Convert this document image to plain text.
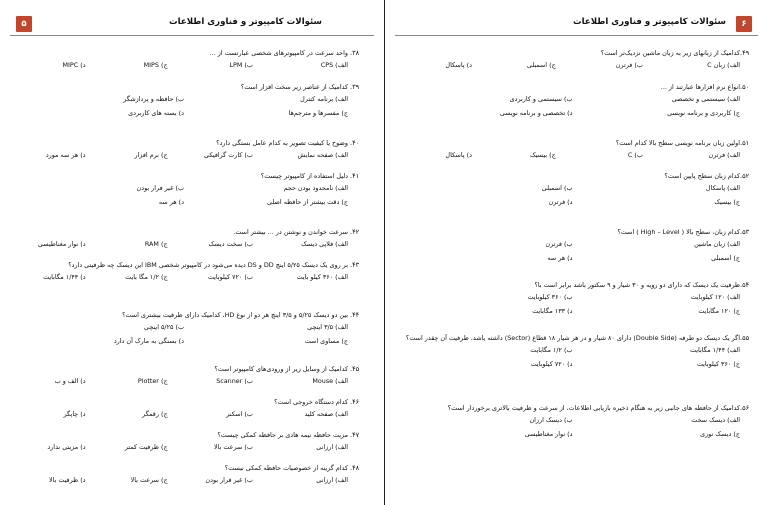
سئوالات کامپیوتر و فناوری اطلاعات
۵
۳۸.
واحد سرعت در کامپیوترهای شخصی عبارتست از ...
الف) CPS
ب) LPM
ج) MIPS
د) MIPC
۳۹.
کدامیک از عناصر زیر سخت افزار است؟
الف) برنامه کنترل
ب) حافظه و پردازشگر
ج) مفسرها و مترجم‌ها
د) بسته های کاربردی
۴۰.
وضوح یا کیفیت تصویر به کدام عامل بستگی دارد؟
الف) صفحه نمایش
ب) کارت گرافیکی
ج) نرم افزار
د) هر سه مورد
۴۱.
دلیل استفاده از کامپیوتر چیست؟
الف) نامحدود بودن حجم
ب) غیر فرار بودن
ج) دقت بیشتر از حافظه اصلی
د) هر سه
۴۲.
سرعت خواندن و نوشتن در ... بیشتر است.
الف) فلاپی دیسک
ب) سخت دیسک
ج) RAM
د) نوار مغناطیسی
۴۳.
بر روی یک دیسک ۵/۲۵ اینچ DD و DS دیده می‌شود در کامپیوتر شخصی IBM این دیسک چه ظرفیتی دارد؟
الف) ۳۶۰ کیلو بایت
ب) ۷۲۰ کیلوبایت
ج) ۱/۲ مگا بایت
د) ۱/۴۴ مگابایت
۴۴.
بین دو دیسک ۵/۲۵ و ۳/۵ اینچ هر دو از نوع HD، کدامیک دارای ظرفیت بیشتری است؟
الف) ۳/۵ اینچی
ب) ۵/۲۵ اینچی
ج) مساوی است
د) بستگی به مارک آن دارد
۴۵.
کدامیک از وسایل زیر از ورودی‌های کامپیوتر است؟
الف) Mouse
ب) Scanner
ج) Plotter
د) الف و ب
۴۶.
کدام دستگاه خروجی است؟
الف) صفحه کلید
ب) اسکنر
ج) رقمگر
د) چاپگر
۴۷.
مزیت حافظه نیمه هادی بر حافظه کمکی چیست؟
الف) ارزانی
ب) سرعت بالا
ج) ظرفیت کمتر
د) مزیتی ندارد
۴۸.
کدام گزینه از خصوصیات حافظه کمکی نیست؟
الف) ارزانی
ب) غیر فرار بودن
ج) سرعت بالا
د) ظرفیت بالا
سئوالات کامپیوتر و فناوری اطلاعات	۶
۴۹.
کدامیک از زبانهای زیر به زبان ماشین نزدیک‌تر است؟
الف) زبان C
ب) فرترن
ج) اسمبلی
د) پاسکال
۵۰.
انواع نرم افزارها عبارتند از ...
الف) سیستمی و تخصصی
ب) سیستمی و کاربردی
ج) کاربردی و برنامه نویسی
د) تخصصی و برنامه نویسی
۵۱.
اولین زبان برنامه نویسی سطح بالا کدام است؟
الف) فرترن
ب) C
ج) بیسیک
د) پاسکال
۵۲.
کدام زبان سطح پایین است؟
الف) پاسکال
ب) اسمبلی
ج) بیسیک
د) فرترن
۵۳.
کدام زبان، سطح بالا ( High – Level ) است؟
الف) زبان ماشین
ب) فرترن
ج) اسمبلی
د) هر سه
۵۴.
ظرفیت یک دیسک که دارای دو رویه و ۳۰ شیار و ۹ سکتور باشد برابر است با؟
الف) ۱۲۰ کیلوبایت
ب) ۳۶۰ کیلوبایت
ج) ۱۲۰ مگابایت
د) ۱۳۳ مگابایت
۵۵.
اگر یک دیسک دو طرفه (Double Side) دارای ۸۰ شیار و در هر شیار ۱۸ قطاع (Sector) داشته باشد، ظرفیت آن چقدر است؟
الف) ۱/۴۴ مگابایت
ب) ۱/۲ مگابایت
ج) ۳۶۰ کیلوبایت
د) ۷۲۰ کیلوبایت
۵۶.
کدامیک از حافظه های جانبی زیر به هنگام ذخیره بازیابی اطلاعات، از سرعت و ظرفیت بالاتری برخوردار است؟
الف) دیسک سخت
ب) دیسک ارزان
ج) دیسک نوری
د) نوار مغناطیسی
